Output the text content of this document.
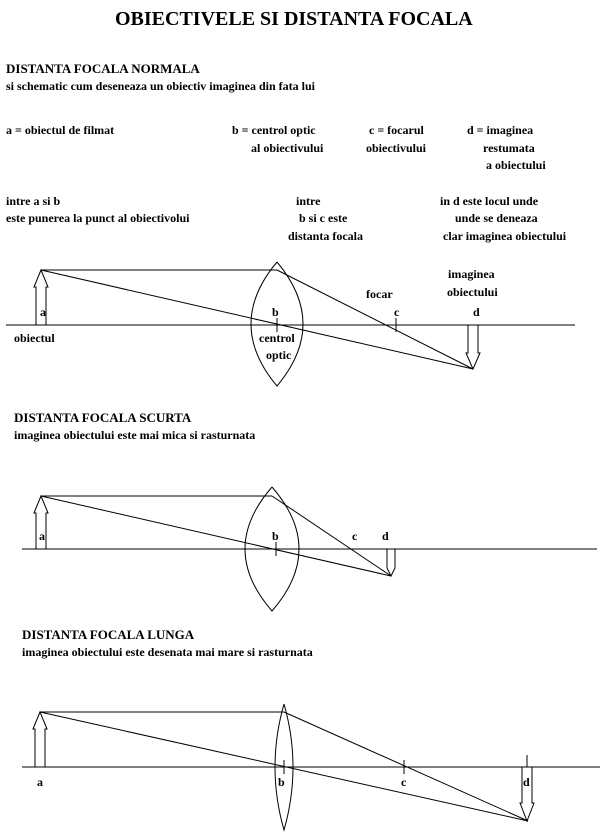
OBIECTIVELE SI DISTANTA FOCALA
DISTANTA FOCALA NORMALA
si schematic cum deseneaza un obiectiv imaginea din fata lui
a = obiectul de filmat	b = centrol optic
al obiectivului
c = focarul
obiectivului
d = imaginea
restumata
a obiectului
intre a si b
este punerea la punct al obiectivolui
intre
b si c este
distanta focala
in d este locul unde
unde se deneaza
clar imaginea obiectului
DISTANTA FOCALA SCURTA
imaginea obiectului este mai mica si rasturnata
DISTANTA FOCALA LUNGA
imaginea obiectului este desenata mai mare si rasturnata
a	b	c	d
obiectul	centrol
optic
focar
imaginea
obiectului
a	b	c d
a	b	c	d
